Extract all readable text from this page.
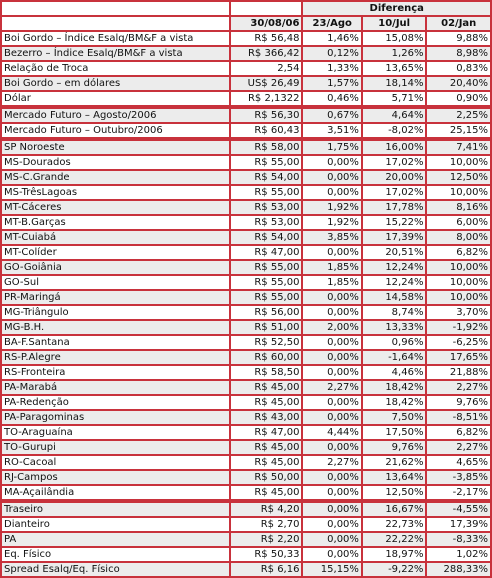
		Diferença		
	30/08/06	23/Ago	10/Jul	02/Jan
Boi Gordo – Índice Esalq/BM&F a vista	R$ 56,48	1,46%	15,08%	9,88%
Bezerro – Índice Esalq/BM&F a vista	R$ 366,42	0,12%	1,26%	8,98%
Relação de Troca	2,54	1,33%	13,65%	0,83%
Boi Gordo – em dólares	US$ 26,49	1,57%	18,14%	20,40%
Dólar	R$ 2,1322	0,46%	5,71%	0,90%

Mercado Futuro – Agosto/2006	R$ 56,30	0,67%	4,64%	2,25%
Mercado Futuro – Outubro/2006	R$ 60,43	3,51%	-8,02%	25,15%

SP Noroeste	R$ 58,00	1,75%	16,00%	7,41%
MS-Dourados	R$ 55,00	0,00%	17,02%	10,00%
MS-C.Grande	R$ 54,00	0,00%	20,00%	12,50%
MS-TrêsLagoas	R$ 55,00	0,00%	17,02%	10,00%
MT-Cáceres	R$ 53,00	1,92%	17,78%	8,16%
MT-B.Garças	R$ 53,00	1,92%	15,22%	6,00%
MT-Cuiabá	R$ 54,00	3,85%	17,39%	8,00%
MT-Colíder	R$ 47,00	0,00%	20,51%	6,82%
GO-Goiânia	R$ 55,00	1,85%	12,24%	10,00%
GO-Sul	R$ 55,00	1,85%	12,24%	10,00%
PR-Maringá	R$ 55,00	0,00%	14,58%	10,00%
MG-Triângulo	R$ 56,00	0,00%	8,74%	3,70%
MG-B.H.	R$ 51,00	2,00%	13,33%	-1,92%
BA-F.Santana	R$ 52,50	0,00%	0,96%	-6,25%
RS-P.Alegre	R$ 60,00	0,00%	-1,64%	17,65%
RS-Fronteira	R$ 58,50	0,00%	4,46%	21,88%
PA-Marabá	R$ 45,00	2,27%	18,42%	2,27%
PA-Redenção	R$ 45,00	0,00%	18,42%	9,76%
PA-Paragominas	R$ 43,00	0,00%	7,50%	-8,51%
TO-Araguaína	R$ 47,00	4,44%	17,50%	6,82%
TO-Gurupi	R$ 45,00	0,00%	9,76%	2,27%
RO-Cacoal	R$ 45,00	2,27%	21,62%	4,65%
RJ-Campos	R$ 50,00	0,00%	13,64%	-3,85%
MA-Açailândia	R$ 45,00	0,00%	12,50%	-2,17%

Traseiro	R$ 4,20	0,00%	16,67%	-4,55%
Dianteiro	R$ 2,70	0,00%	22,73%	17,39%
PA	R$ 2,20	0,00%	22,22%	-8,33%
Eq. Físico	R$ 50,33	0,00%	18,97%	1,02%
Spread Esalq/Eq. Físico	R$ 6,16	15,15%	-9,22%	288,33%
